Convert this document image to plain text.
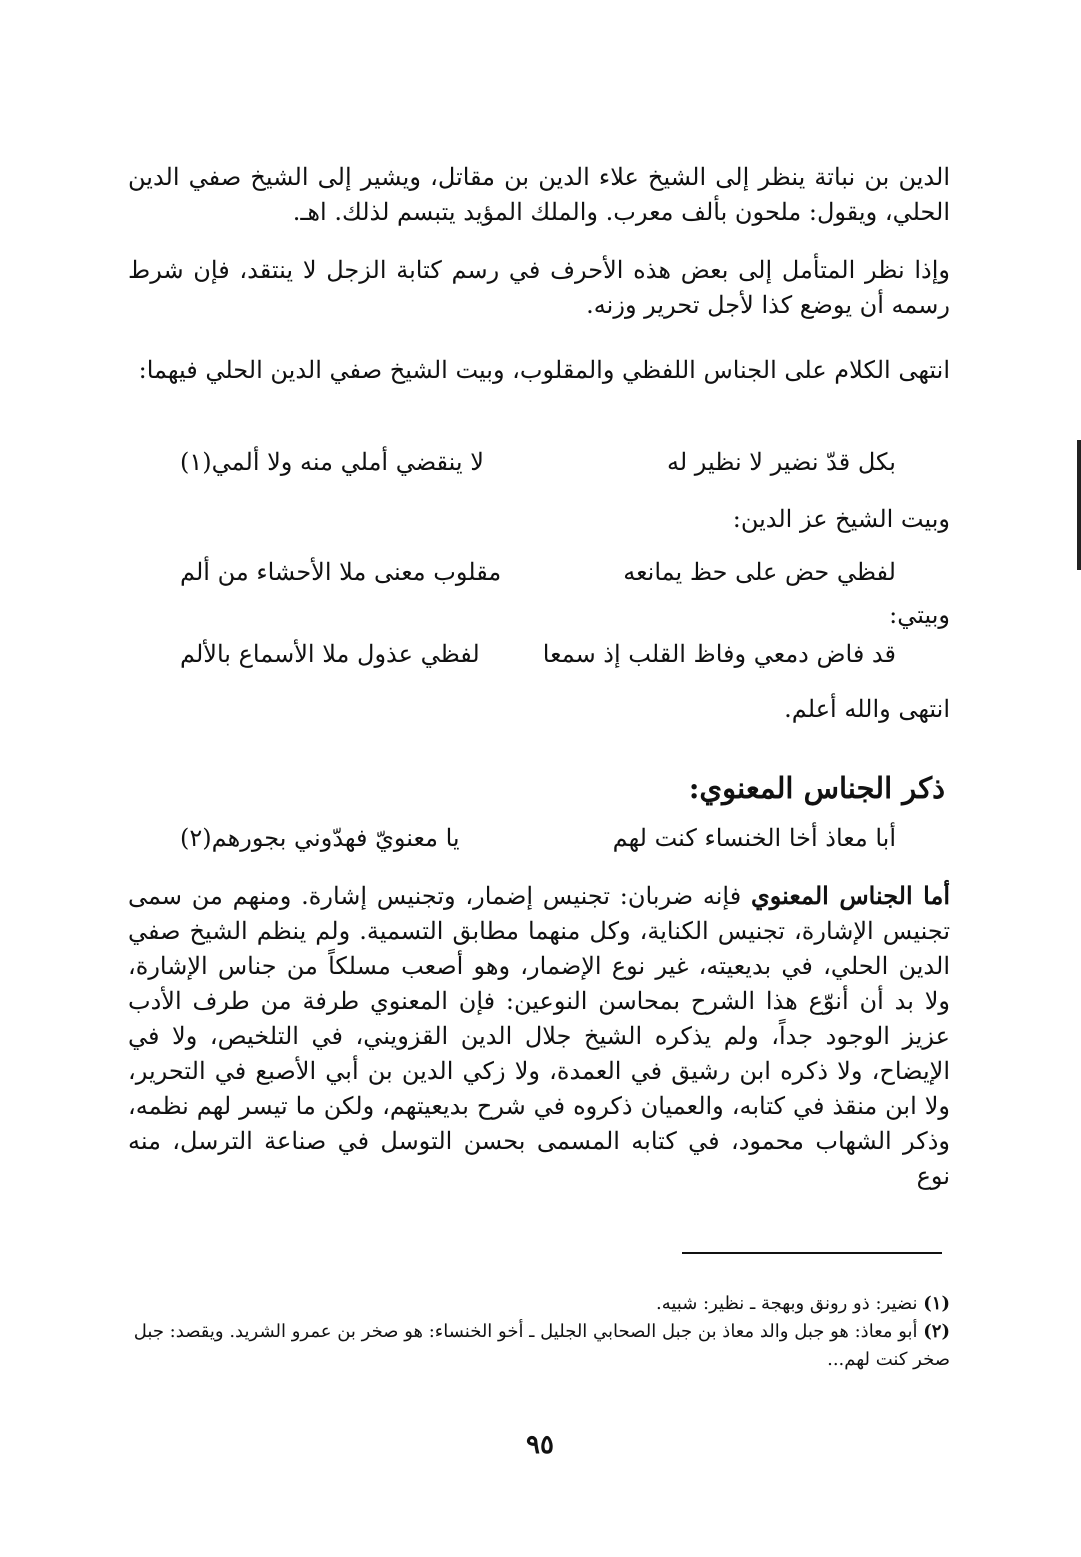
الدين بن نباتة ينظر إلى الشيخ علاء الدين بن مقاتل، ويشير إلى الشيخ صفي الدين الحلي، ويقول: ملحون بألف معرب. والملك المؤيد يتبسم لذلك. اهـ.

وإذا نظر المتأمل إلى بعض هذه الأحرف في رسم كتابة الزجل لا ينتقد، فإن شرط رسمه أن يوضع كذا لأجل تحرير وزنه.

انتهى الكلام على الجناس اللفظي والمقلوب، وبيت الشيخ صفي الدين الحلي فيهما:

بكل قدّ نضير لا نظير له
لا ينقضي أملي منه ولا ألمي(١)
وبيت الشيخ عز الدين:
لفظي حض على حظ يمانعه
مقلوب معنى ملا الأحشاء من ألم
وبيتي:
قد فاض دمعي وفاظ القلب إذ سمعا
لفظي عذول ملا الأسماع بالألم
انتهى والله أعلم.
ذكر الجناس المعنوي:
أبا معاذ أخا الخنساء كنت لهم
يا معنويّ فهدّوني بجورهم(٢)

أما الجناس المعنوي فإنه ضربان: تجنيس إضمار، وتجنيس إشارة. ومنهم من سمى تجنيس الإشارة، تجنيس الكناية، وكل منهما مطابق التسمية. ولم ينظم الشيخ صفي الدين الحلي، في بديعيته، غير نوع الإضمار، وهو أصعب مسلكاً من جناس الإشارة، ولا بد أن أنوّع هذا الشرح بمحاسن النوعين: فإن المعنوي طرفة من طرف الأدب عزيز الوجود جداً، ولم يذكره الشيخ جلال الدين القزويني، في التلخيص، ولا في الإيضاح، ولا ذكره ابن رشيق في العمدة، ولا زكي الدين بن أبي الأصبع في التحرير، ولا ابن منقذ في كتابه، والعميان ذكروه في شرح بديعيتهم، ولكن ما تيسر لهم نظمه، وذكر الشهاب محمود، في كتابه المسمى بحسن التوسل في صناعة الترسل، منه نوع

(١) نضير: ذو رونق وبهجة ـ نظير: شبيه.
(٢) أبو معاذ: هو جبل والد معاذ بن جبل الصحابي الجليل ـ أخو الخنساء: هو صخر بن عمرو الشريد. ويقصد: جبل صخر كنت لهم...
٩٥
